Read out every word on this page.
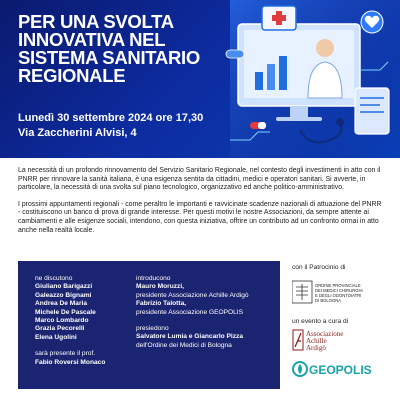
PER UNA SVOLTA INNOVATIVA NEL SISTEMA SANITARIO REGIONALE
Lunedì 30 settembre 2024 ore 17,30
Via Zaccherini Alvisi, 4

La necessità di un profondo rinnovamento del Servizio Sanitario Regionale, nel contesto degli investimenti in atto con il PNRR per rinnovare la sanità italiana, è una esigenza sentita da cittadini, medici e operatori sanitari. Si avverte, in particolare, la necessità di una svolta sul piano tecnologico, organizzativo ed anche politico-amministrativo.

I prossimi appuntamenti regionali - come peraltro le importanti e ravvicinate scadenze nazionali di attuazione del PNRR - costituiscono un banco di prova di grande interesse. Per questi motivi le nostre Associazioni, da sempre attente ai cambiamenti e alle esigenze sociali, intendono, con questa iniziativa, offrire un contributo ad un confronto ormai in atto anche nella realtà locale.

ne discutono
Giuliano Barigazzi
Galeazzo Bignami
Andrea De Maria
Michele De Pascale
Marco Lombardo
Grazia Pecorelli
Elena Ugolini
sarà presente il prof.
Fabio Roversi Monaco
introducono
Mauro Moruzzi,
presidente Associazione Achille Ardigò
Fabrizio Talotta,
presidente Associazione GEOPOLIS
presiedono
Salvatore Lumia e Giancarlo Pizza
dell'Ordine dei Medici di Bologna
con il Patrocinio di
ORDINE PROVINCIALE
DEI MEDICI CHIRURGHI
E DEGLI ODONTOIATRI
DI BOLOGNA
un evento a cura di
Associazione
Achille
Ardigò
GEOPOLIS
